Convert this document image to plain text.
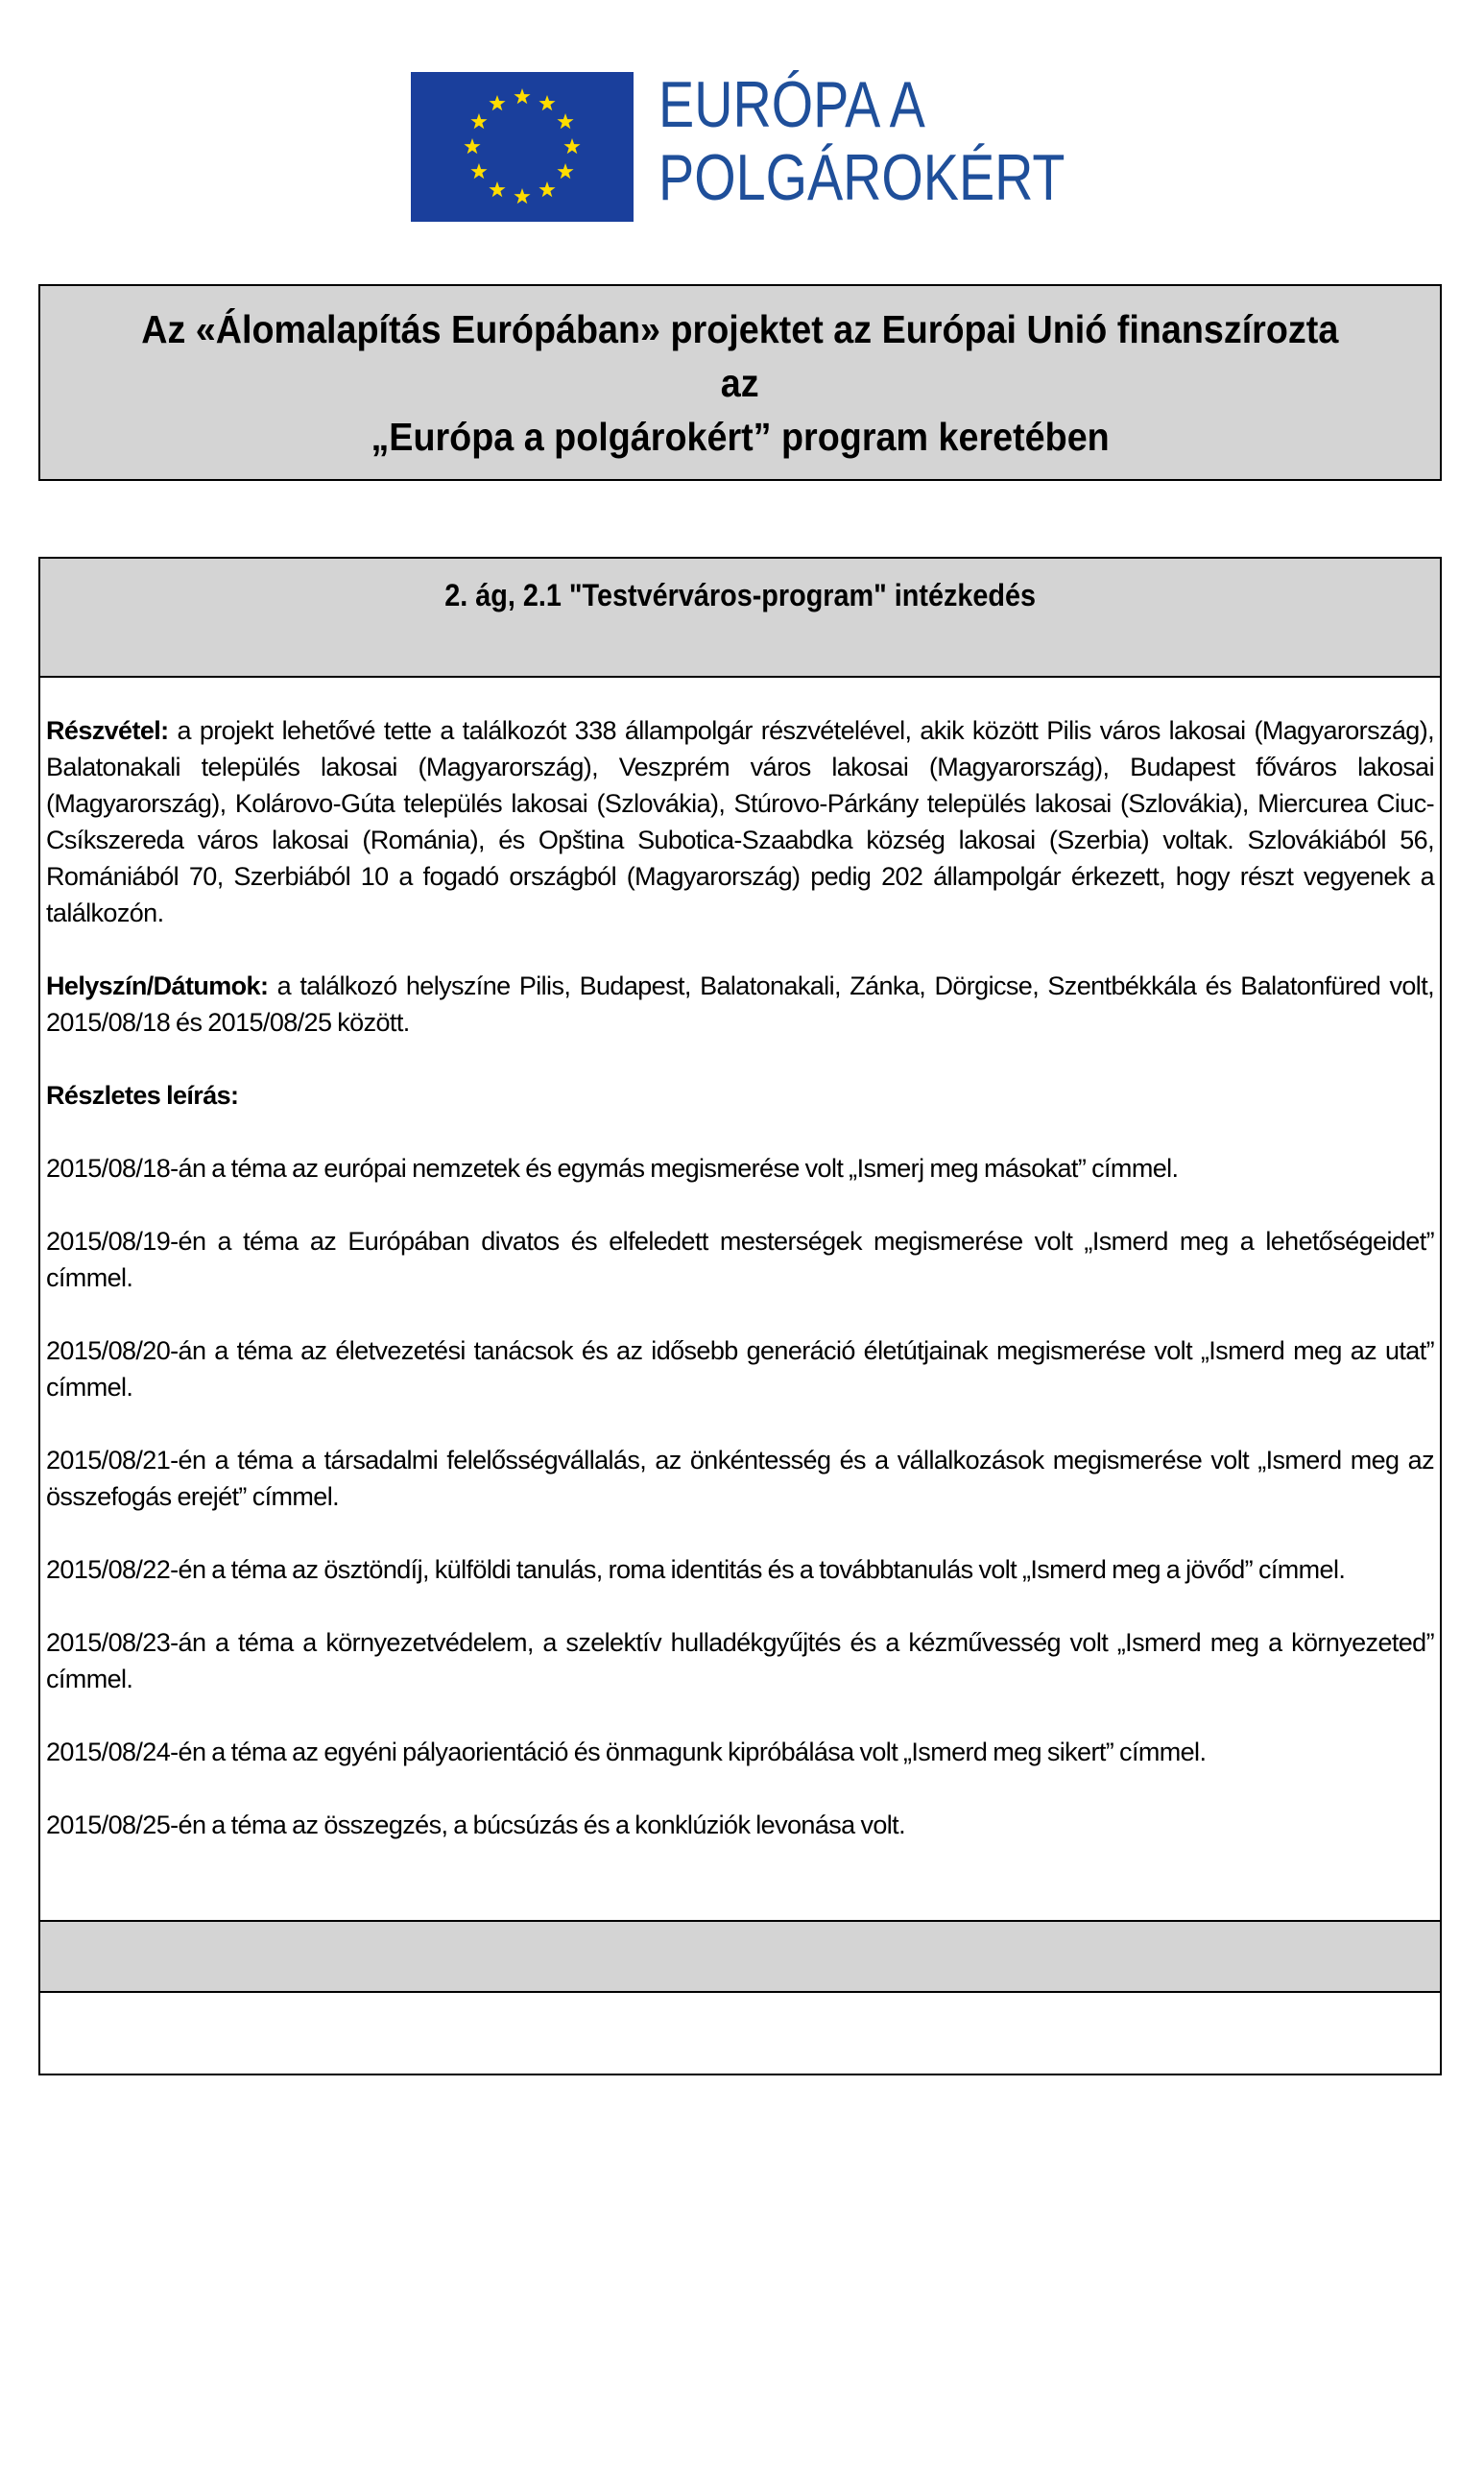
EURÓPA A
POLGÁROKÉRT
Az «Álomalapítás Európában» projektet az Európai Unió finanszírozta
az
„Európa a polgárokért” program keretében
2. ág, 2.1 "Testvérváros-program" intézkedés

Részvétel: a projekt lehetővé tette a találkozót 338 állampolgár részvételével, akik között Pilis város lakosai (Magyarország), Balatonakali település lakosai (Magyarország), Veszprém város lakosai (Magyarország), Budapest főváros lakosai (Magyarország), Kolárovo-Gúta település lakosai (Szlovákia), Stúrovo-Párkány település lakosai (Szlovákia), Miercurea Ciuc-Csíkszereda város lakosai (Románia), és Opština Subotica-Szaabdka község lakosai (Szerbia) voltak. Szlovákiából 56, Romániából 70, Szerbiából 10 a fogadó országból (Magyarország) pedig 202 állampolgár érkezett, hogy részt vegyenek a találkozón.

Helyszín/Dátumok: a találkozó helyszíne Pilis, Budapest, Balatonakali, Zánka, Dörgicse, Szentbékkála és Balatonfüred volt, 2015/08/18 és 2015/08/25 között.

Részletes leírás:

2015/08/18-án a téma az európai nemzetek és egymás megismerése volt „Ismerj meg másokat” címmel.

2015/08/19-én a téma az Európában divatos és elfeledett mesterségek megismerése volt „Ismerd meg a lehetőségeidet” címmel.

2015/08/20-án a téma az életvezetési tanácsok és az idősebb generáció életútjainak megismerése volt „Ismerd meg az utat” címmel.

2015/08/21-én a téma a társadalmi felelősségvállalás, az önkéntesség és a vállalkozások megismerése volt „Ismerd meg az összefogás erejét” címmel.

2015/08/22-én a téma az ösztöndíj, külföldi tanulás, roma identitás és a továbbtanulás volt „Ismerd meg a jövőd” címmel.

2015/08/23-án a téma a környezetvédelem, a szelektív hulladékgyűjtés és a kézművesség volt „Ismerd meg a környezeted” címmel.

2015/08/24-én a téma az egyéni pályaorientáció és önmagunk kipróbálása volt „Ismerd meg sikert” címmel.

2015/08/25-én a téma az összegzés, a búcsúzás és a konklúziók levonása volt.
